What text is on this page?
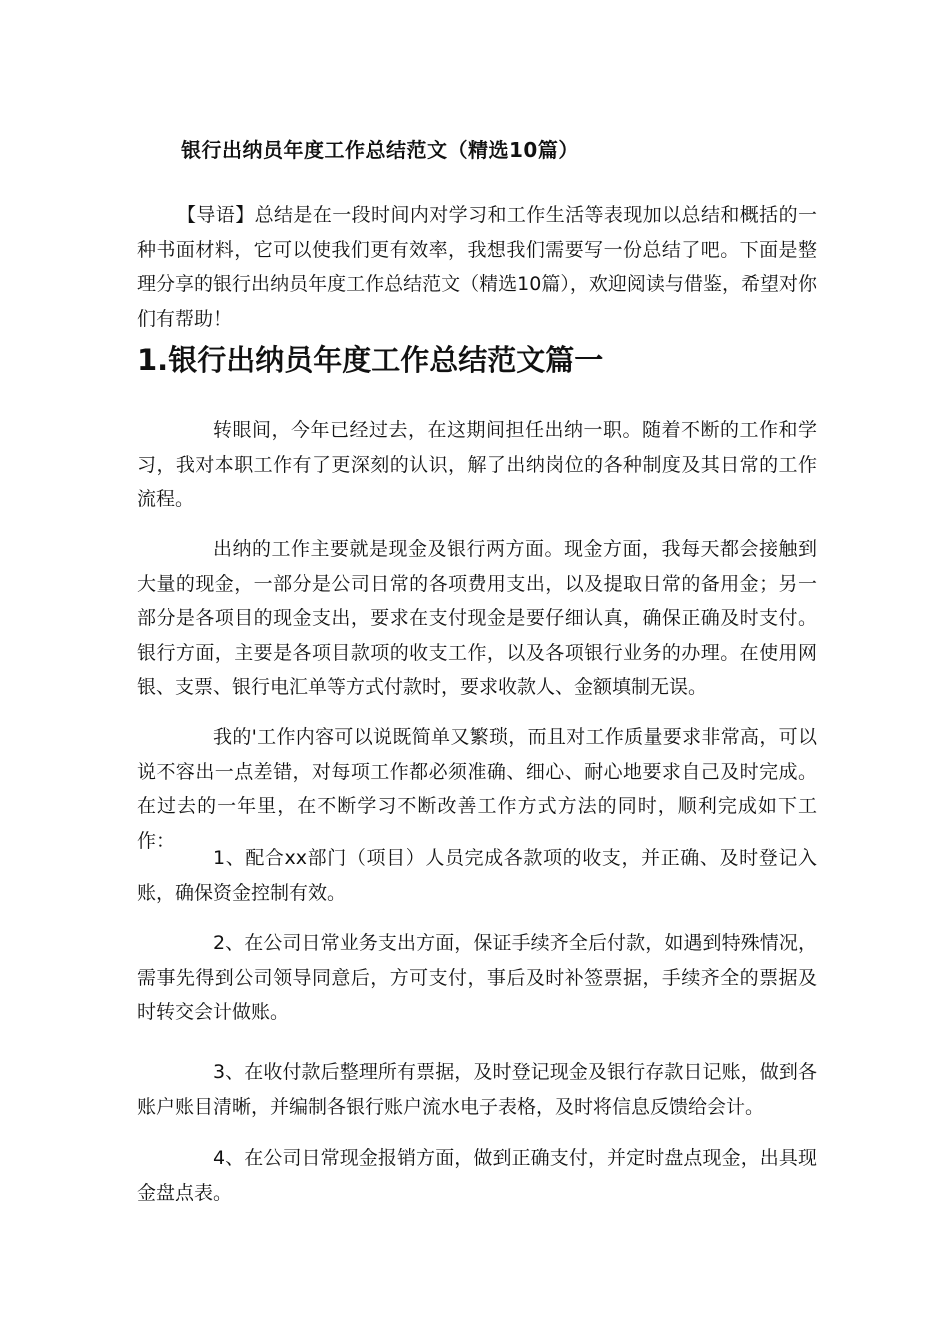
银行出纳员年度工作总结范文（精选10篇）

【导语】总结是在一段时间内对学习和工作生活等表现加以总结和概括的一种书面材料，它可以使我们更有效率，我想我们需要写一份总结了吧。下面是整理分享的银行出纳员年度工作总结范文（精选10篇），欢迎阅读与借鉴，希望对你们有帮助！

1.银行出纳员年度工作总结范文篇一

转眼间，今年已经过去，在这期间担任出纳一职。随着不断的工作和学习，我对本职工作有了更深刻的认识，解了出纳岗位的各种制度及其日常的工作流程。

出纳的工作主要就是现金及银行两方面。现金方面，我每天都会接触到大量的现金，一部分是公司日常的各项费用支出，以及提取日常的备用金；另一部分是各项目的现金支出，要求在支付现金是要仔细认真，确保正确及时支付。银行方面，主要是各项目款项的收支工作，以及各项银行业务的办理。在使用网银、支票、银行电汇单等方式付款时，要求收款人、金额填制无误。

我的'工作内容可以说既简单又繁琐，而且对工作质量要求非常高，可以说不容出一点差错，对每项工作都必须准确、细心、耐心地要求自己及时完成。在过去的一年里，在不断学习不断改善工作方式方法的同时，顺利完成如下工作：

1、配合xx部门（项目）人员完成各款项的收支，并正确、及时登记入账，确保资金控制有效。

2、在公司日常业务支出方面，保证手续齐全后付款，如遇到特殊情况，需事先得到公司领导同意后，方可支付，事后及时补签票据，手续齐全的票据及时转交会计做账。

3、在收付款后整理所有票据，及时登记现金及银行存款日记账，做到各账户账目清晰，并编制各银行账户流水电子表格，及时将信息反馈给会计。

4、在公司日常现金报销方面，做到正确支付，并定时盘点现金，出具现金盘点表。
